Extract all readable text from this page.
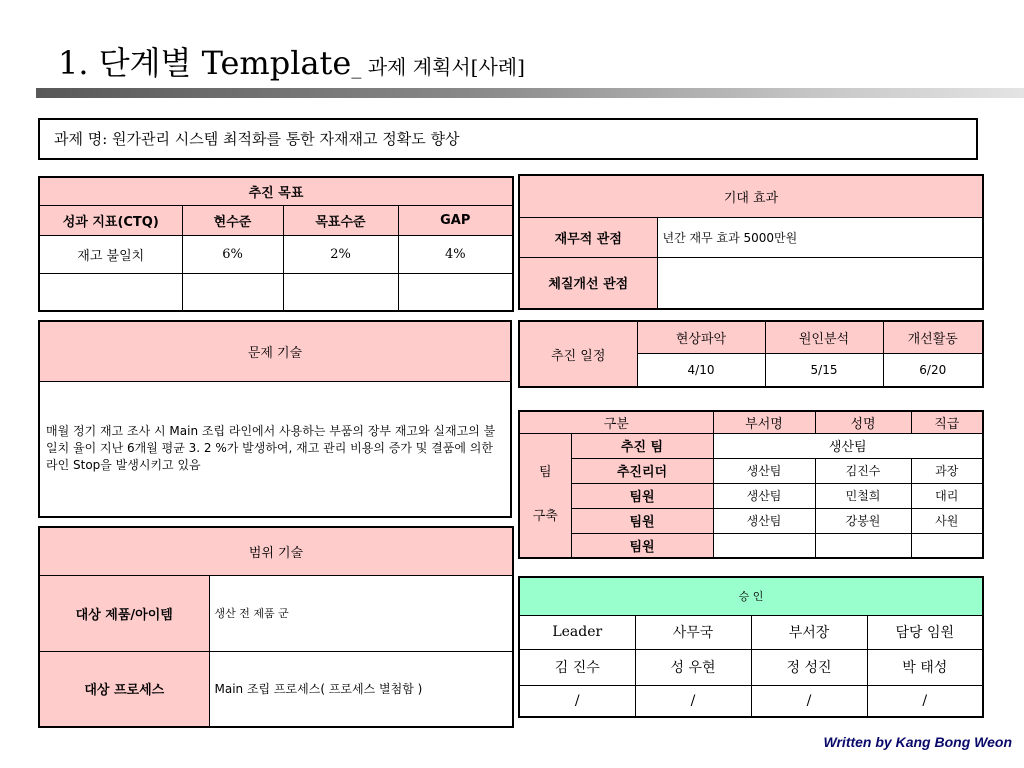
1. 단계별 Template_ 과제 계획서[사례]
과제 명: 원가관리 시스템 최적화를 통한 자재재고 정확도 향상
추진 목표			
성과 지표(CTQ)	현수준	목표수준	GAP
재고 불일치	6%	2%	4%

기대 효과	
재무적 관점	년간 재무 효과 5000만원
체질개선 관점	
문제 기술
매월 정기 재고 조사 시 Main 조립 라인에서 사용하는 부품의 장부 재고와 실재고의 불일치 율이 지난 6개월 평균 3. 2 %가 발생하여, 재고 관리 비용의 증가 및 결품에 의한 라인 Stop을 발생시키고 있음
추진 일정	현상파악	원인분석	개선활동
	4/10	5/15	6/20
구분		부서명	성명	직급
팀
구축	추진 팀	생산팀		
	추진리더	생산팀	김진수	과장
	팀원	생산팀	민철희	대리
	팀원	생산팀	강봉원	사원
	팀원			
범위 기술	
대상 제품/아이템	생산 전 제품 군
대상 프로세스	Main 조립 프로세스( 프로세스 별첨함 )
승 인			
Leader	사무국	부서장	담당 임원
김 진수	성 우현	정 성진	박 태성
/	/	/	/
Written by Kang Bong Weon
